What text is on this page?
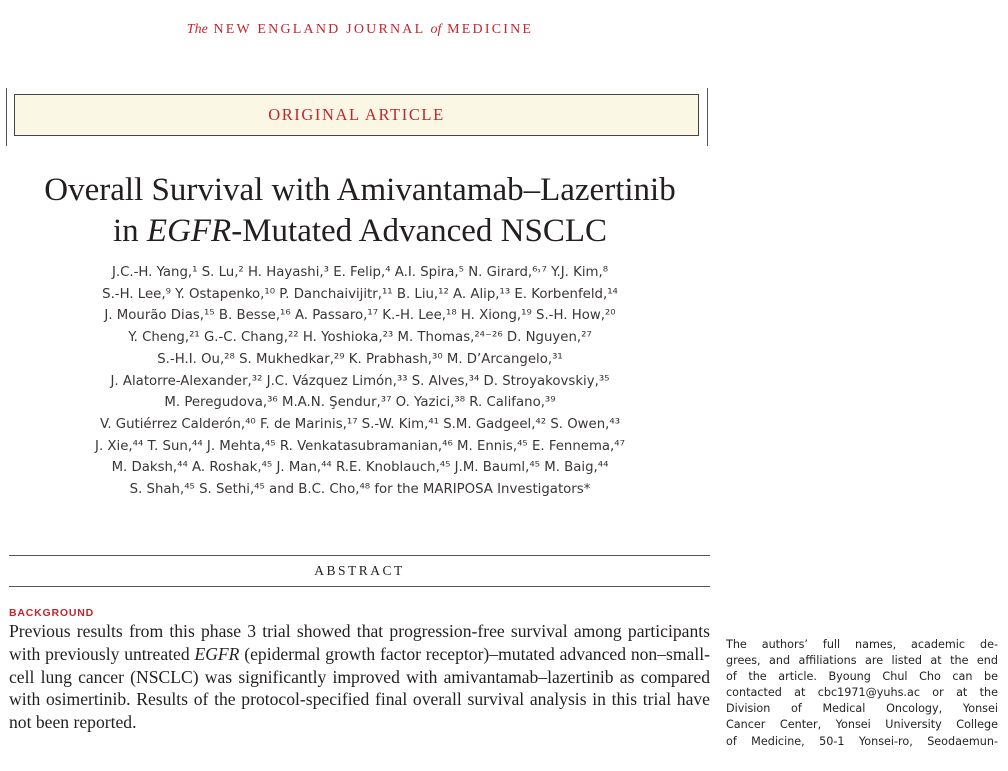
The NEW ENGLAND JOURNAL of MEDICINE
ORIGINAL ARTICLE
Overall Survival with Amivantamab–Lazertinib
in EGFR-Mutated Advanced NSCLC
J.C.-H. Yang,¹ S. Lu,² H. Hayashi,³ E. Felip,⁴ A.I. Spira,⁵ N. Girard,⁶˒⁷ Y.J. Kim,⁸
S.-H. Lee,⁹ Y. Ostapenko,¹⁰ P. Danchaivijitr,¹¹ B. Liu,¹² A. Alip,¹³ E. Korbenfeld,¹⁴
J. Mourão Dias,¹⁵ B. Besse,¹⁶ A. Passaro,¹⁷ K.-H. Lee,¹⁸ H. Xiong,¹⁹ S.-H. How,²⁰
Y. Cheng,²¹ G.-C. Chang,²² H. Yoshioka,²³ M. Thomas,²⁴⁻²⁶ D. Nguyen,²⁷
S.-H.I. Ou,²⁸ S. Mukhedkar,²⁹ K. Prabhash,³⁰ M. D’Arcangelo,³¹
J. Alatorre-Alexander,³² J.C. Vázquez Limón,³³ S. Alves,³⁴ D. Stroyakovskiy,³⁵
M. Peregudova,³⁶ M.A.N. Şendur,³⁷ O. Yazici,³⁸ R. Califano,³⁹
V. Gutiérrez Calderón,⁴⁰ F. de Marinis,¹⁷ S.-W. Kim,⁴¹ S.M. Gadgeel,⁴² S. Owen,⁴³
J. Xie,⁴⁴ T. Sun,⁴⁴ J. Mehta,⁴⁵ R. Venkatasubramanian,⁴⁶ M. Ennis,⁴⁵ E. Fennema,⁴⁷
M. Daksh,⁴⁴ A. Roshak,⁴⁵ J. Man,⁴⁴ R.E. Knoblauch,⁴⁵ J.M. Bauml,⁴⁵ M. Baig,⁴⁴
S. Shah,⁴⁵ S. Sethi,⁴⁵ and B.C. Cho,⁴⁸ for the MARIPOSA Investigators*
ABSTRACT
BACKGROUND
Previous results from this phase 3 trial showed that progression-free survival among participants with previously untreated EGFR (epidermal growth factor receptor)–mutated advanced non–small-cell lung cancer (NSCLC) was significantly improved with amivantamab–lazertinib as compared with osimertinib. Results of the protocol-specified final overall survival analysis in this trial have not been reported.
The authors’ full names, academic de-
grees, and affiliations are listed at the end
of the article. Byoung Chul Cho can be
contacted at cbc1971@yuhs.ac or at the
Division of Medical Oncology, Yonsei
Cancer Center, Yonsei University College
of Medicine, 50-1 Yonsei-ro, Seodaemun-
